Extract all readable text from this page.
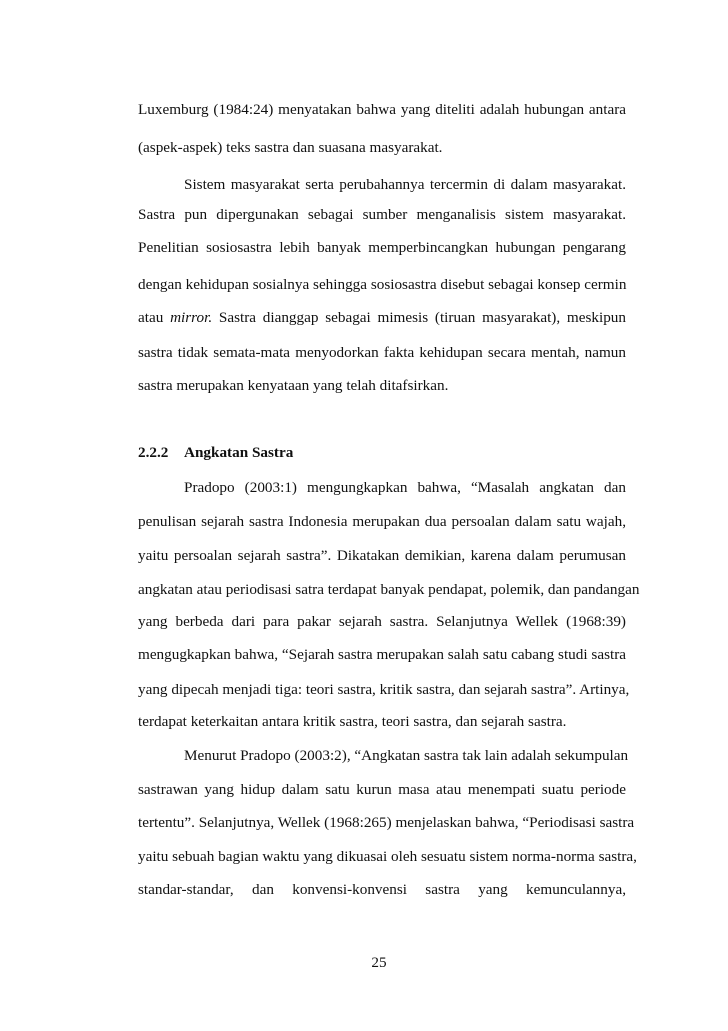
Luxemburg (1984:24) menyatakan bahwa yang diteliti adalah hubungan antara
(aspek-aspek) teks sastra dan suasana masyarakat.
Sistem masyarakat serta perubahannya tercermin di dalam masyarakat.
Sastra pun dipergunakan sebagai sumber menganalisis sistem masyarakat.
Penelitian sosiosastra lebih banyak memperbincangkan hubungan pengarang
dengan kehidupan sosialnya sehingga sosiosastra disebut sebagai konsep cermin
atau mirror. Sastra dianggap sebagai mimesis (tiruan masyarakat), meskipun
sastra tidak semata-mata menyodorkan fakta kehidupan secara mentah, namun
sastra merupakan kenyataan yang telah ditafsirkan.
2.2.2 Angkatan Sastra
Pradopo (2003:1) mengungkapkan bahwa, “Masalah angkatan dan
penulisan sejarah sastra Indonesia merupakan dua persoalan dalam satu wajah,
yaitu persoalan sejarah sastra”. Dikatakan demikian, karena dalam perumusan
angkatan atau periodisasi satra terdapat banyak pendapat, polemik, dan pandangan
yang berbeda dari para pakar sejarah sastra. Selanjutnya Wellek (1968:39)
mengugkapkan bahwa, “Sejarah sastra merupakan salah satu cabang studi sastra
yang dipecah menjadi tiga: teori sastra, kritik sastra, dan sejarah sastra”. Artinya,
terdapat keterkaitan antara kritik sastra, teori sastra, dan sejarah sastra.
Menurut Pradopo (2003:2), “Angkatan sastra tak lain adalah sekumpulan
sastrawan yang hidup dalam satu kurun masa atau menempati suatu periode
tertentu”. Selanjutnya, Wellek (1968:265) menjelaskan bahwa, “Periodisasi sastra
yaitu sebuah bagian waktu yang dikuasai oleh sesuatu sistem norma-norma sastra,
standar-standar, dan konvensi-konvensi sastra yang kemunculannya,
25
